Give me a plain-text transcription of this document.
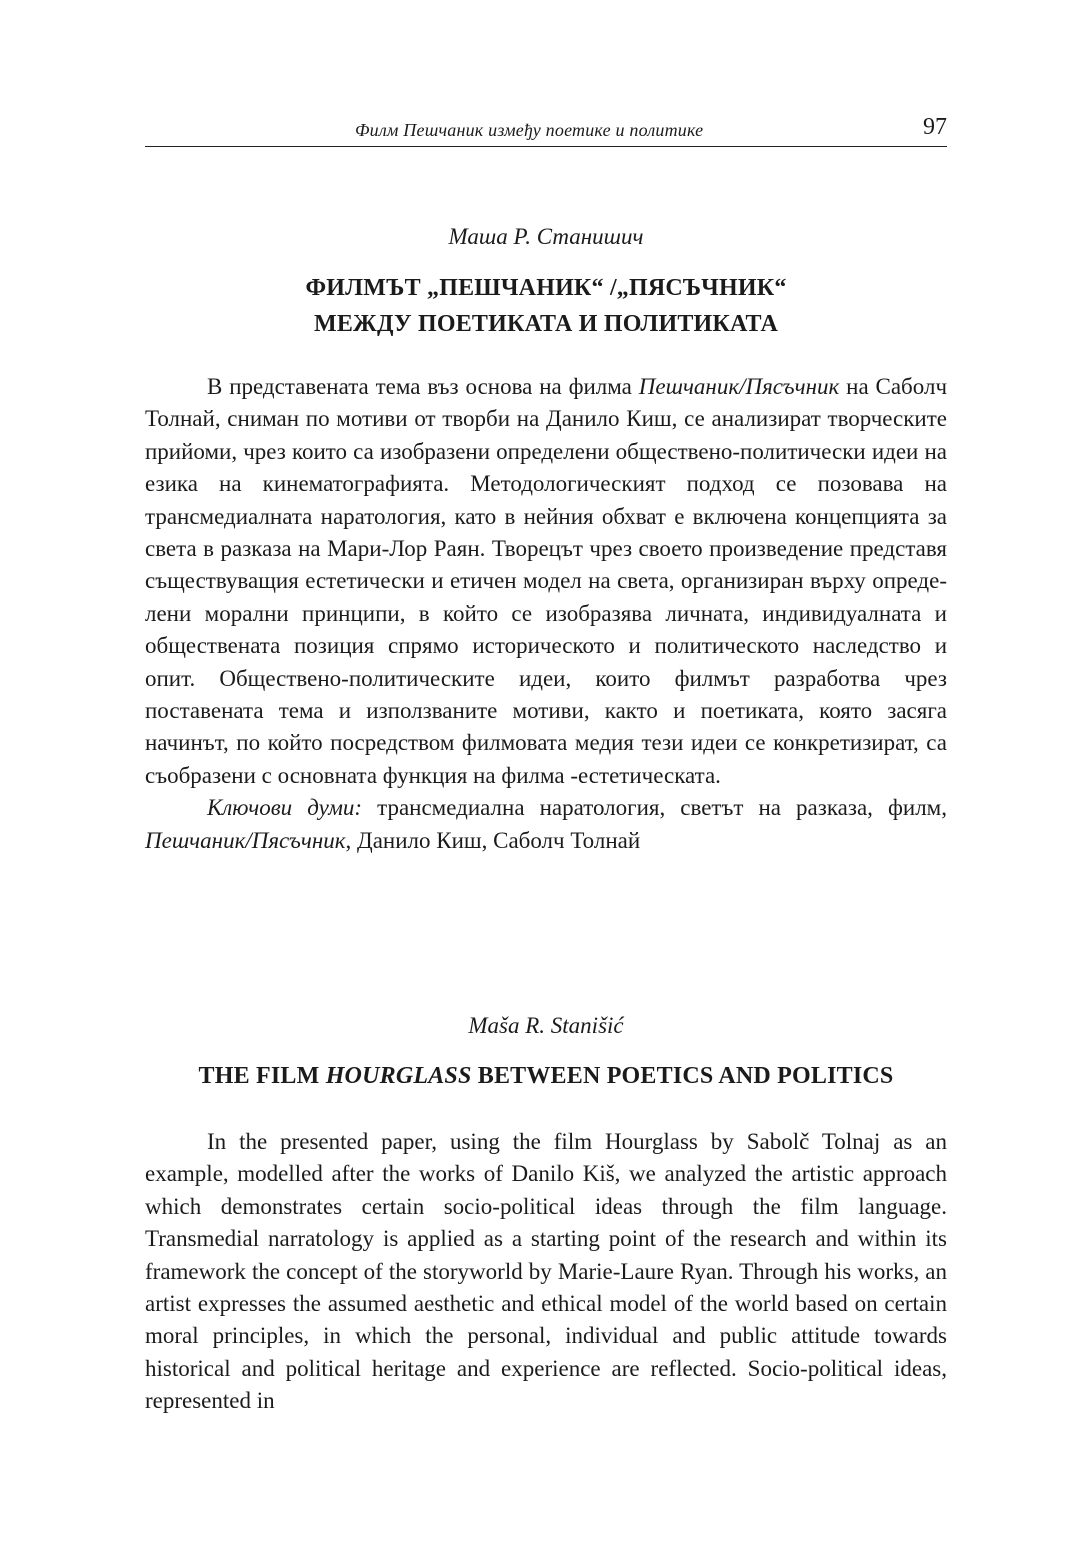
Филм Пешчаник између поетике и политике	97
Маша Р. Станишич
ФИЛМЪТ „ПЕШЧАНИК“ /„ПЯСЪЧНИК“
МЕЖДУ ПОЕТИКАТА И ПОЛИТИКАТА

В представената тема въз основа на филма Пешчаник/Пясъчник на Саболч Толнай, сниман по мотиви от творби на Данило Киш, се анализират творческите прийоми, чрез които са изобразени определени обществено-политически идеи на езика на кинематографията. Методологическият подход се позовава на трансмедиалната наратология, като в нейния обхват е включена концепцията за света в разказа на Мари-Лор Раян. Творецът чрез своето произведение представя съществуващия естетически и етичен модел на света, организиран върху определени морални принципи, в който се изобразява личната, индивидуалната и обществената позиция спрямо историческото и политическото наследство и опит. Обществено-политическите идеи, които филмът разработва чрез поставената тема и използваните мотиви, както и поетиката, която засяга начинът, по който посредством филмовата медия тези идеи се конкретизират, са съобразени с основната функция на филма -естетическата.

Ключови думи: трансмедиална наратология, светът на разказа, филм, Пешчаник/Пясъчник, Данило Киш, Саболч Толнай

Maša R. Stanišić
THE FILM HOURGLASS BETWEEN POETICS AND POLITICS

In the presented paper, using the film Hourglass by Sabolč Tolnaj as an example, modelled after the works of Danilo Kiš, we analyzed the artistic approach which demonstrates certain socio-political ideas through the film language. Transmedial narratology is applied as a starting point of the research and within its framework the concept of the storyworld by Marie-Laure Ryan. Through his works, an artist expresses the assumed aesthetic and ethical model of the world based on certain moral principles, in which the personal, individual and public attitude towards historical and political heritage and experience are reflected. Socio-political ideas, represented in
